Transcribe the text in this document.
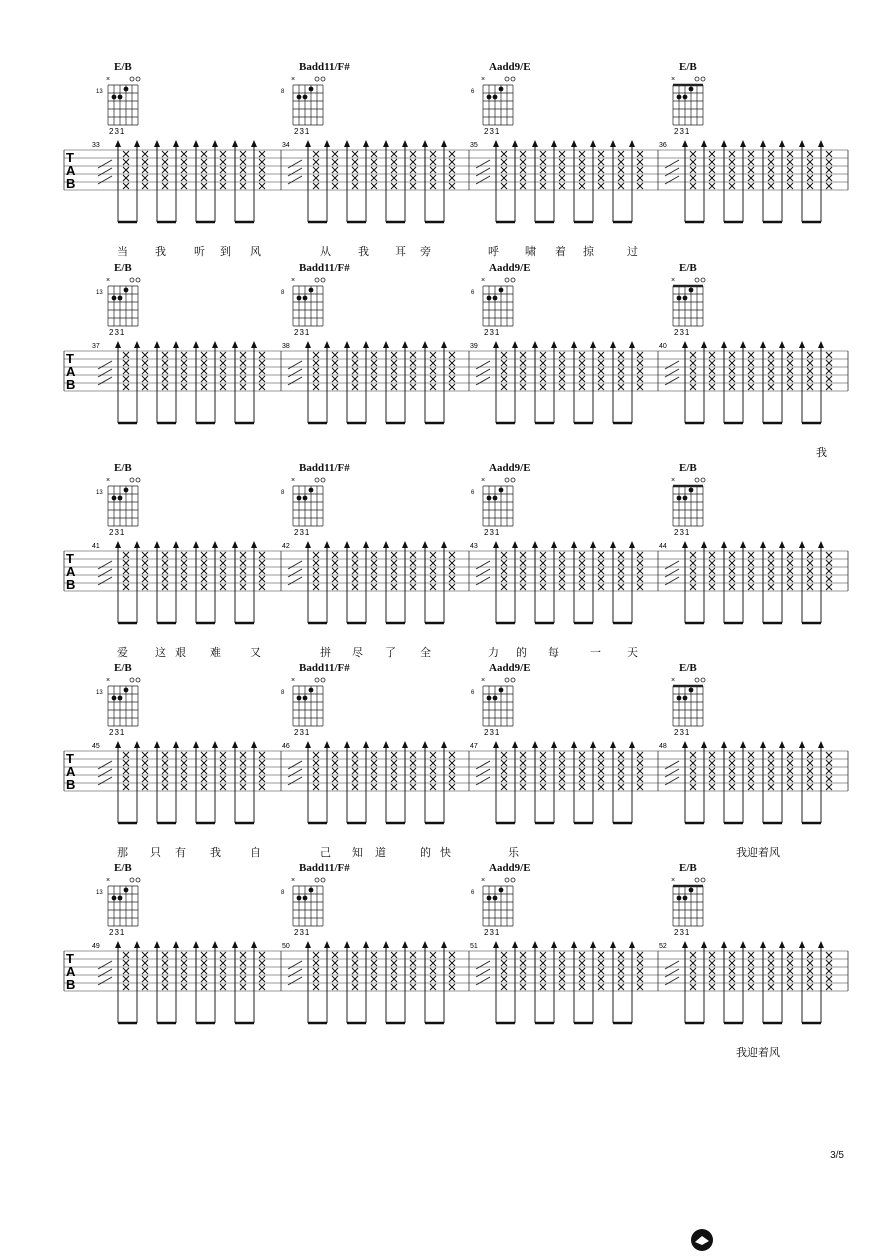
E/B	Badd11/F#	Aadd9/E	E/B
×
13
231
×
8
231
×
6
231
×
231
T
A
B
33	34	35	36
当 我	听 到 风	从 我 耳 旁	呼 啸 着 掠	过
E/B	Badd11/F#	Aadd9/E	E/B
×
13
231
×
8
231
×
6
231
×
231
T
A
B
37	38	39	40
我
E/B	Badd11/F#	Aadd9/E	E/B
×
13
231
×
8
231
×
6
231
×
231
T
A
B
41	42	43	44
爱 这 艰 难	又	拼 尽 了 全	力 的 每	一 天
E/B	Badd11/F#	Aadd9/E	E/B
×
13
231
×
8
231
×
6
231
×
231
T
A
B
45	46	47	48
那 只 有 我	自	己 知 道	的 快	乐	我迎着风
E/B	Badd11/F#	Aadd9/E	E/B
×
13
231
×
8
231
×
6
231
×
231
T
A
B
49	50	51	52
我迎着风
3/5
